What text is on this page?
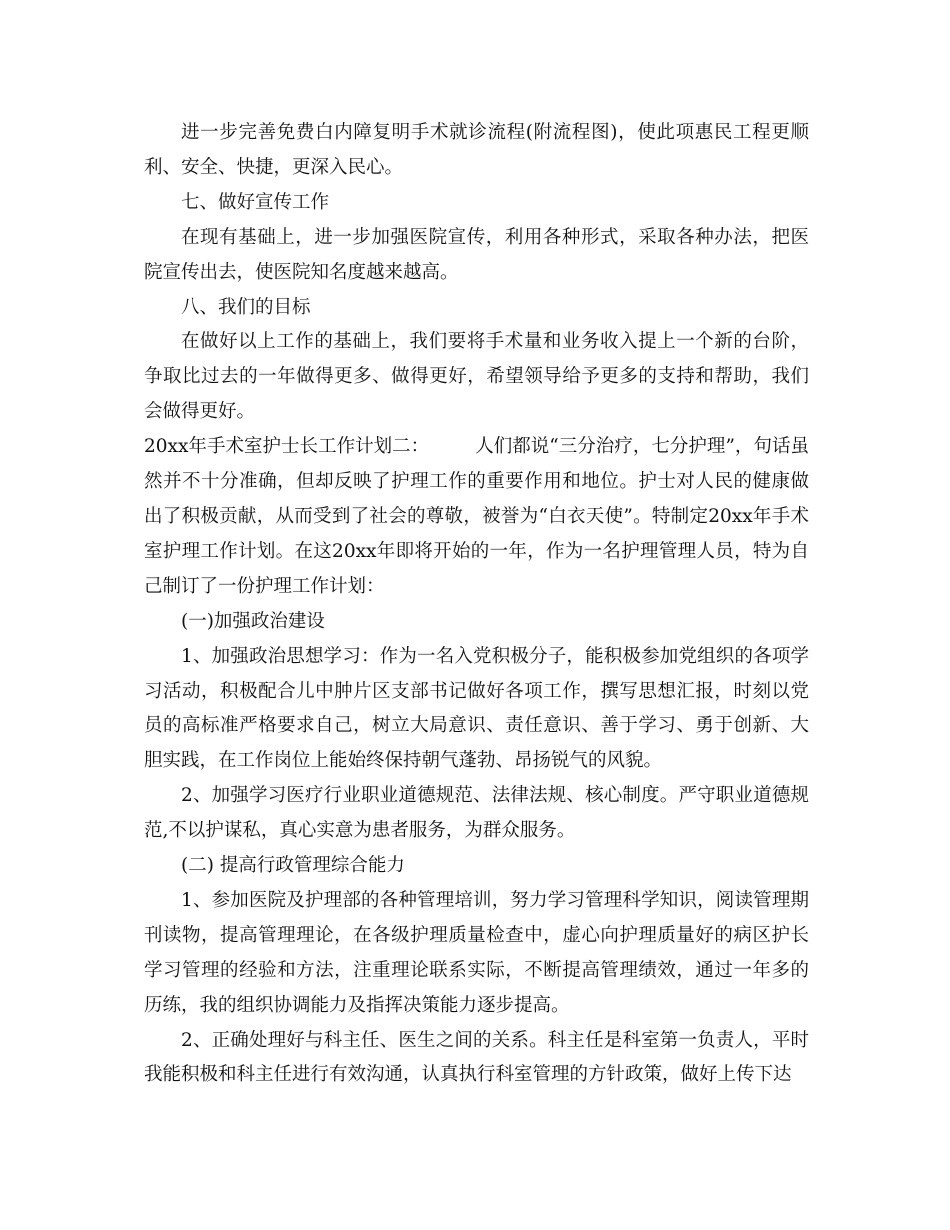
进一步完善免费白内障复明手术就诊流程(附流程图)，使此项惠民工程更顺利、安全、快捷，更深入民心。

七、做好宣传工作

在现有基础上，进一步加强医院宣传，利用各种形式，采取各种办法，把医院宣传出去，使医院知名度越来越高。

八、我们的目标

在做好以上工作的基础上，我们要将手术量和业务收入提上一个新的台阶，争取比过去的一年做得更多、做得更好，希望领导给予更多的支持和帮助，我们会做得更好。

20xx年手术室护士长工作计划二： 人们都说“三分治疗，七分护理”，句话虽然并不十分准确，但却反映了护理工作的重要作用和地位。护士对人民的健康做出了积极贡献，从而受到了社会的尊敬，被誉为“白衣天使”。特制定20xx年手术室护理工作计划。在这20xx年即将开始的一年，作为一名护理管理人员，特为自己制订了一份护理工作计划：

(一)加强政治建设

1、加强政治思想学习：作为一名入党积极分子，能积极参加党组织的各项学习活动，积极配合儿中肿片区支部书记做好各项工作，撰写思想汇报，时刻以党员的高标准严格要求自己，树立大局意识、责任意识、善于学习、勇于创新、大胆实践，在工作岗位上能始终保持朝气蓬勃、昂扬锐气的风貌。

2、加强学习医疗行业职业道德规范、法律法规、核心制度。严守职业道德规范,不以护谋私，真心实意为患者服务，为群众服务。

(二) 提高行政管理综合能力

1、参加医院及护理部的各种管理培训，努力学习管理科学知识，阅读管理期刊读物，提高管理理论，在各级护理质量检查中，虚心向护理质量好的病区护长学习管理的经验和方法，注重理论联系实际，不断提高管理绩效，通过一年多的历练，我的组织协调能力及指挥决策能力逐步提高。

2、正确处理好与科主任、医生之间的关系。科主任是科室第一负责人，平时我能积极和科主任进行有效沟通，认真执行科室管理的方针政策，做好上传下达
